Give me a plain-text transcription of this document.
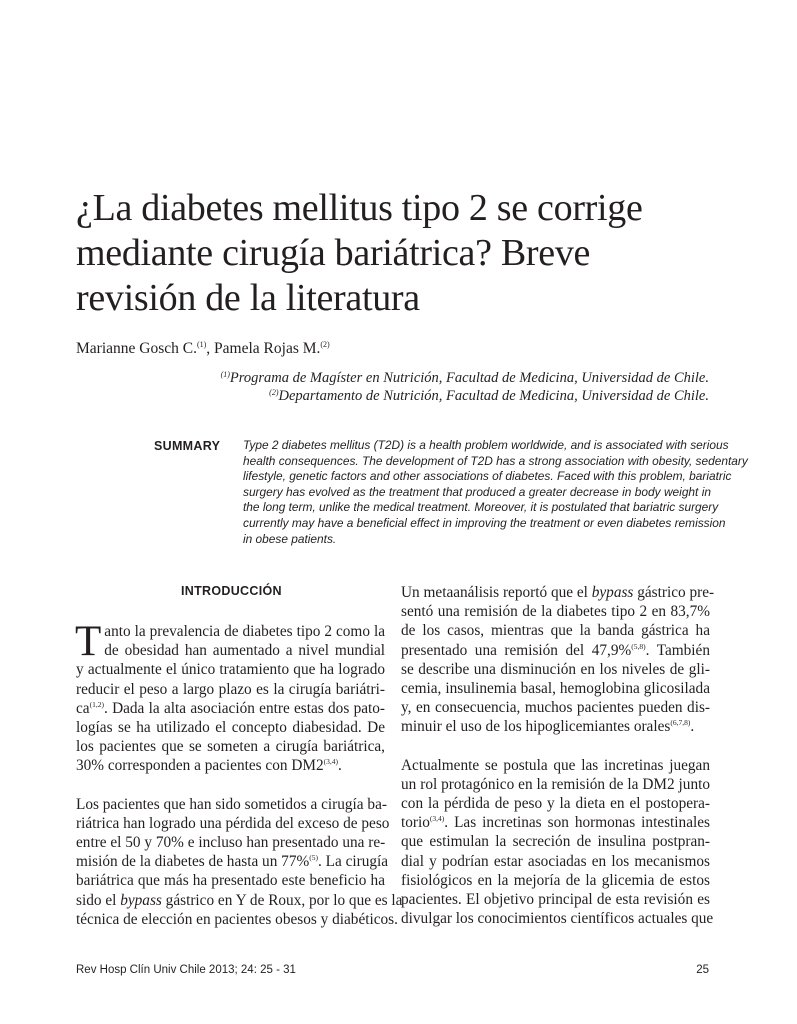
¿La diabetes mellitus tipo 2 se corrige
mediante cirugía bariátrica? Breve
revisión de la literatura
Marianne Gosch C.$^{(1)}$, Pamela Rojas M.$^{(2)}$
$^{(1)}$Programa de Magíster en Nutrición, Facultad de Medicina, Universidad de Chile.
$^{(2)}$Departamento de Nutrición, Facultad de Medicina, Universidad de Chile.
SUMMARY Type 2 diabetes mellitus (T2D) is a health problem worldwide, and is associated with serious
health consequences. The development of T2D has a strong association with obesity, sedentary
lifestyle, genetic factors and other associations of diabetes. Faced with this problem, bariatric
surgery has evolved as the treatment that produced a greater decrease in body weight in
the long term, unlike the medical treatment. Moreover, it is postulated that bariatric surgery
currently may have a beneficial effect in improving the treatment or even diabetes remission
in obese patients.

INTRODUCCIÓN

T anto la prevalencia de diabetes tipo 2 como la
de obesidad han aumentado a nivel mundial
y actualmente el único tratamiento que ha logrado
reducir el peso a largo plazo es la cirugía bariátri-
ca$^{(1,2)}$. Dada la alta asociación entre estas dos pato-
logías se ha utilizado el concepto diabesidad. De
los pacientes que se someten a cirugía bariátrica,
30% corresponden a pacientes con DM2$^{(3,4)}$.

Los pacientes que han sido sometidos a cirugía ba-
riátrica han logrado una pérdida del exceso de peso
entre el 50 y 70% e incluso han presentado una re-
misión de la diabetes de hasta un 77%$^{(5)}$. La cirugía
bariátrica que más ha presentado este beneficio ha
sido el bypass gástrico en Y de Roux, por lo que es la
técnica de elección en pacientes obesos y diabéticos.

Un metaanálisis reportó que el bypass gástrico pre-
sentó una remisión de la diabetes tipo 2 en 83,7%
de los casos, mientras que la banda gástrica ha
presentado una remisión del 47,9%$^{(5,8)}$. También
se describe una disminución en los niveles de gli-
cemia, insulinemia basal, hemoglobina glicosilada
y, en consecuencia, muchos pacientes pueden dis-
minuir el uso de los hipoglicemiantes orales$^{(6,7,8)}$.

Actualmente se postula que las incretinas juegan
un rol protagónico en la remisión de la DM2 junto
con la pérdida de peso y la dieta en el postopera-
torio$^{(3,4)}$. Las incretinas son hormonas intestinales
que estimulan la secreción de insulina postpran-
dial y podrían estar asociadas en los mecanismos
fisiológicos en la mejoría de la glicemia de estos
pacientes. El objetivo principal de esta revisión es
divulgar los conocimientos científicos actuales que

Rev Hosp Clín Univ Chile 2013; 24: 25 - 31	25
